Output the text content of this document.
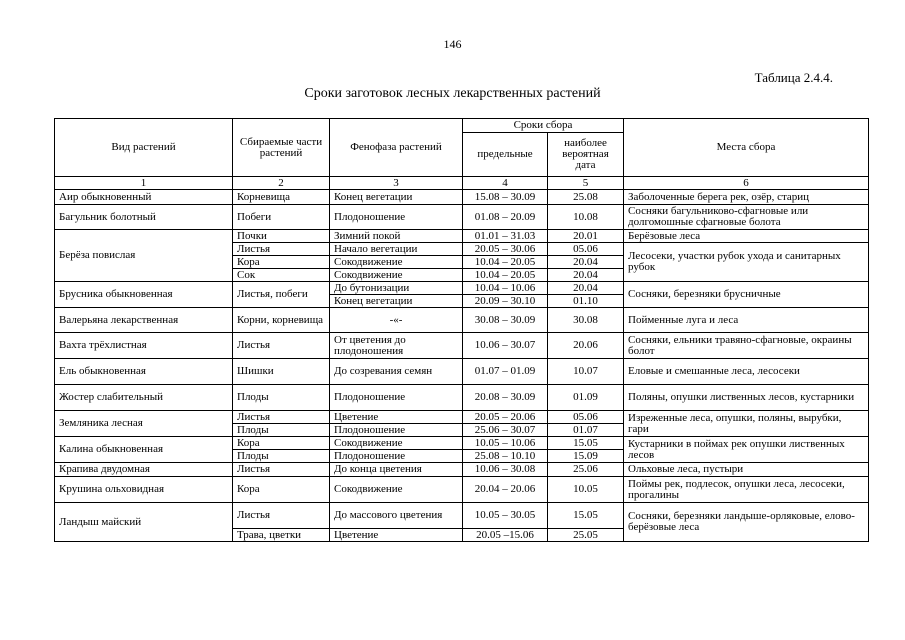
146
Таблица 2.4.4.
Сроки заготовок лесных лекарственных растений
Вид растений	Сбираемые части растений	Фенофаза растений	Сроки сбора		Места сбора
			предельные	наиболее вероятная дата	
1	2	3	4	5	6
Аир обыкновенный	Корневища	Конец вегетации	15.08 – 30.09	25.08	Заболоченные берега рек, озёр, стариц
Багульник болотный	Побеги	Плодоношение	01.08 – 20.09	10.08	Сосняки багульниково-сфагновые или долгомошные сфагновые болота
Берёза повислая	Почки	Зимний покой	01.01 – 31.03	20.01	Берёзовые леса
	Листья	Начало вегетации	20.05 – 30.06	05.06	Лесосеки, участки рубок ухода и санитарных рубок
	Кора	Сокодвижение	10.04 – 20.05	20.04	
	Сок	Сокодвижение	10.04 – 20.05	20.04	
Брусника обыкновенная	Листья, побеги	До бутонизации	10.04 – 10.06	20.04	Сосняки, березняки брусничные
		Конец вегетации	20.09 – 30.10	01.10	
Валерьяна лекарственная	Корни, корневища	-«-	30.08 – 30.09	30.08	Пойменные луга и леса
Вахта трёхлистная	Листья	От цветения до плодоношения	10.06 – 30.07	20.06	Сосняки, ельники травяно-сфагновые, окраины болот
Ель обыкновенная	Шишки	До созревания семян	01.07 – 01.09	10.07	Еловые и смешанные леса, лесосеки
Жостер слабительный	Плоды	Плодоношение	20.08 – 30.09	01.09	Поляны, опушки лиственных лесов, кустарники
Земляника лесная	Листья	Цветение	20.05 – 20.06	05.06	Изреженные леса, опушки, поляны, вырубки, гари
	Плоды	Плодоношение	25.06 – 30.07	01.07	
Калина обыкновенная	Кора	Сокодвижение	10.05 – 10.06	15.05	Кустарники в поймах рек опушки лиственных лесов
	Плоды	Плодоношение	25.08 – 10.10	15.09	
Крапива двудомная	Листья	До конца цветения	10.06 – 30.08	25.06	Ольховые леса, пустыри
Крушина ольховидная	Кора	Сокодвижение	20.04 – 20.06	10.05	Поймы рек, подлесок, опушки леса, лесосеки, прогалины
Ландыш майский	Листья	До массового цветения	10.05 – 30.05	15.05	Сосняки, березняки ландыше-орляковые, елово-берёзовые леса
	Трава, цветки	Цветение	20.05 –15.06	25.05	
